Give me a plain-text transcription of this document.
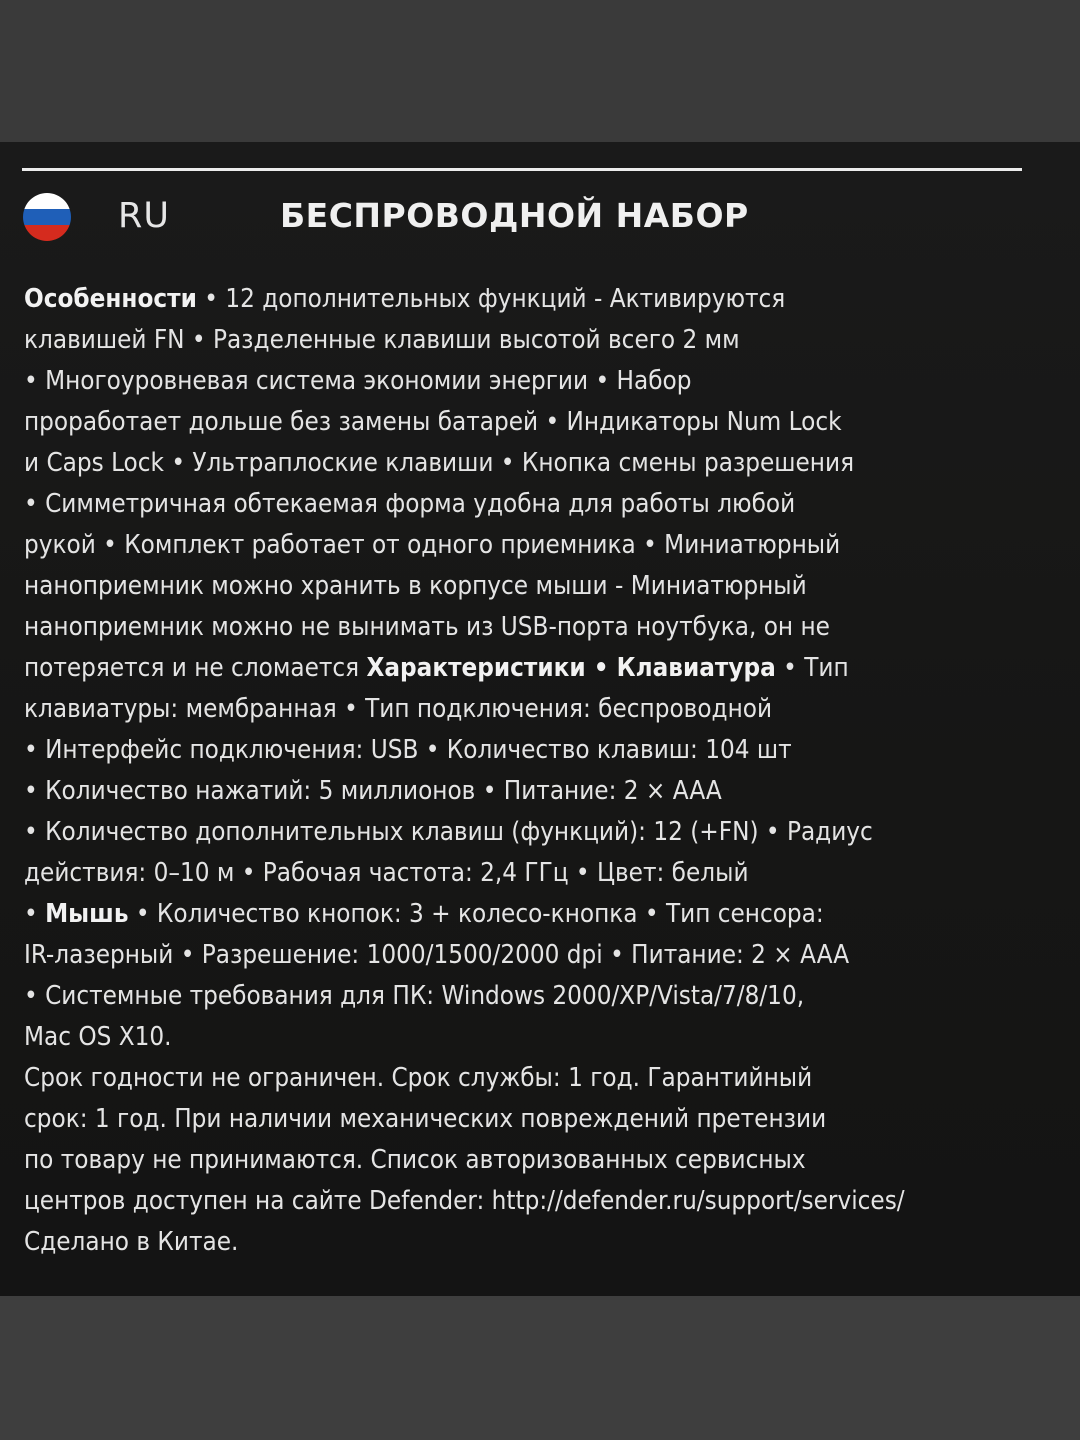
RU	БЕСПРОВОДНОЙ НАБОР
Особенности • 12 дополнительных функций - Активируются
клавишей FN • Разделенные клавиши высотой всего 2 мм
• Многоуровневая система экономии энергии • Набор
проработает дольше без замены батарей • Индикаторы Num Lock
и Caps Lock • Ультраплоские клавиши • Кнопка смены разрешения
• Симметричная обтекаемая форма удобна для работы любой
рукой • Комплект работает от одного приемника • Миниатюрный
наноприемник можно хранить в корпусе мыши - Миниатюрный
наноприемник можно не вынимать из USB-порта ноутбука, он не
потеряется и не сломается Характеристики • Клавиатура • Тип
клавиатуры: мембранная • Тип подключения: беспроводной
• Интерфейс подключения: USB • Количество клавиш: 104 шт
• Количество нажатий: 5 миллионов • Питание: 2 × AAA
• Количество дополнительных клавиш (функций): 12 (+FN) • Радиус
действия: 0–10 м • Рабочая частота: 2,4 ГГц • Цвет: белый
• Мышь • Количество кнопок: 3 + колесо-кнопка • Тип сенсора:
IR-лазерный • Разрешение: 1000/1500/2000 dpi • Питание: 2 × AAA
• Системные требования для ПК: Windows 2000/XP/Vista/7/8/10,
Mac OS X10.
Срок годности не ограничен. Срок службы: 1 год. Гарантийный
срок: 1 год. При наличии механических повреждений претензии
по товару не принимаются. Список авторизованных сервисных
центров доступен на сайте Defender: http://defender.ru/support/services/
Сделано в Китае.
